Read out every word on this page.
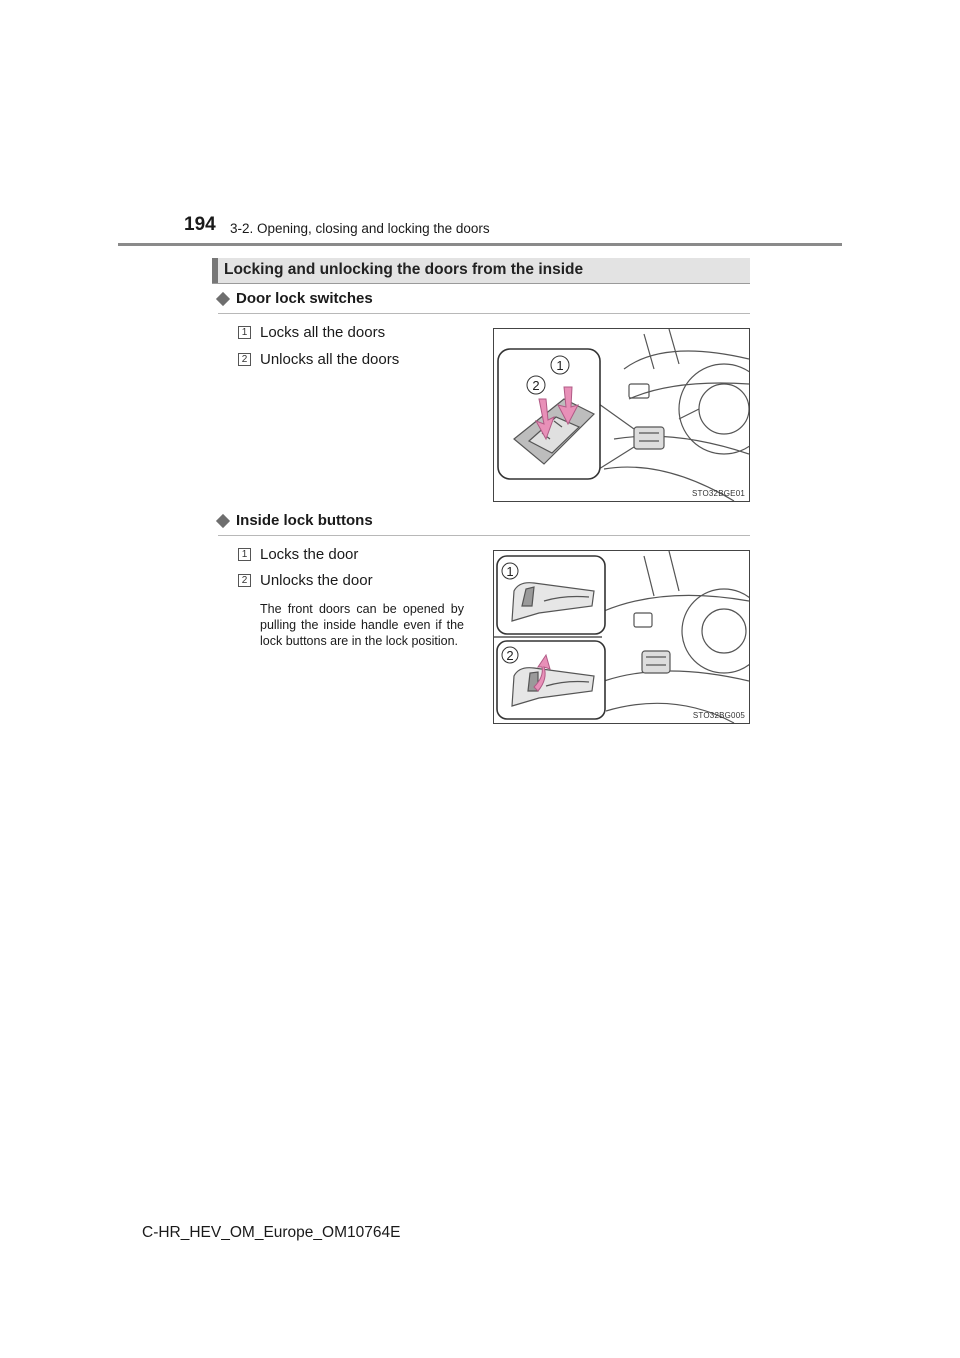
194 3-2. Opening, closing and locking the doors
Locking and unlocking the doors from the inside
Door lock switches
1 Locks all the doors
2 Unlocks all the doors
2
1
STO32BGE01
Inside lock buttons
1 Locks the door
2 Unlocks the door
The front doors can be opened by pulling the inside handle even if the lock buttons are in the lock position.
1
2
STO32BG005
C-HR_HEV_OM_Europe_OM10764E
